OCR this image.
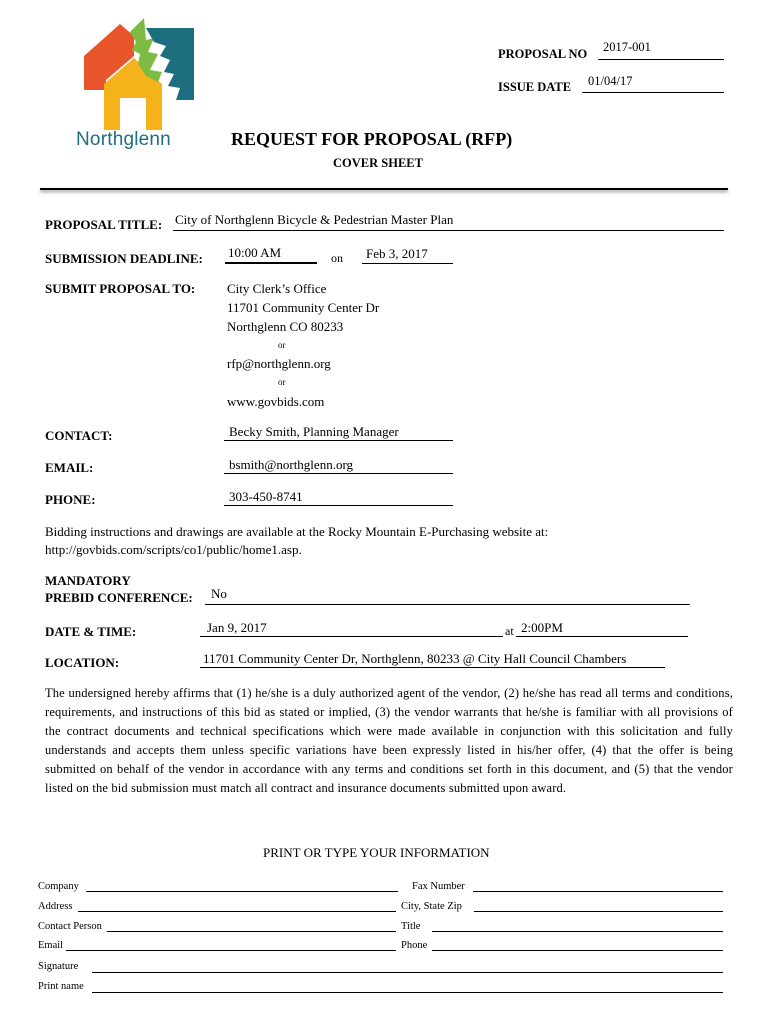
Northglenn
PROPOSAL NO 2017-001
ISSUE DATE 01/04/17
REQUEST FOR PROPOSAL (RFP)
COVER SHEET
PROPOSAL TITLE: City of Northglenn Bicycle & Pedestrian Master Plan
SUBMISSION DEADLINE: 10:00 AM	on Feb 3, 2017
SUBMIT PROPOSAL TO: City Clerk’s Office
11701 Community Center Dr
Northglenn CO 80233
or
rfp@northglenn.org
or
www.govbids.com
CONTACT:	Becky Smith, Planning Manager
EMAIL:	bsmith@northglenn.org
PHONE:	303-450-8741
Bidding instructions and drawings are available at the Rocky Mountain E-Purchasing website at:
http://govbids.com/scripts/co1/public/home1.asp.
MANDATORY
PREBID CONFERENCE: No
DATE & TIME:	Jan 9, 2017	at 2:00PM
LOCATION:	11701 Community Center Dr, Northglenn, 80233 @ City Hall Council Chambers
The undersigned hereby affirms that (1) he/she is a duly authorized agent of the vendor, (2) he/she has read all terms and conditions, requirements, and instructions of this bid as stated or implied, (3) the vendor warrants that he/she is familiar with all provisions of the contract documents and technical specifications which were made available in conjunction with this solicitation and fully understands and accepts them unless specific variations have been expressly listed in his/her offer, (4) that the offer is being submitted on behalf of the vendor in accordance with any terms and conditions set forth in this document, and (5) that the vendor listed on the bid submission must match all contract and insurance documents submitted upon award.
PRINT OR TYPE YOUR INFORMATION
Company	Fax Number
Address	City, State Zip
Contact Person	Title
Email	Phone
Signature
Print name
